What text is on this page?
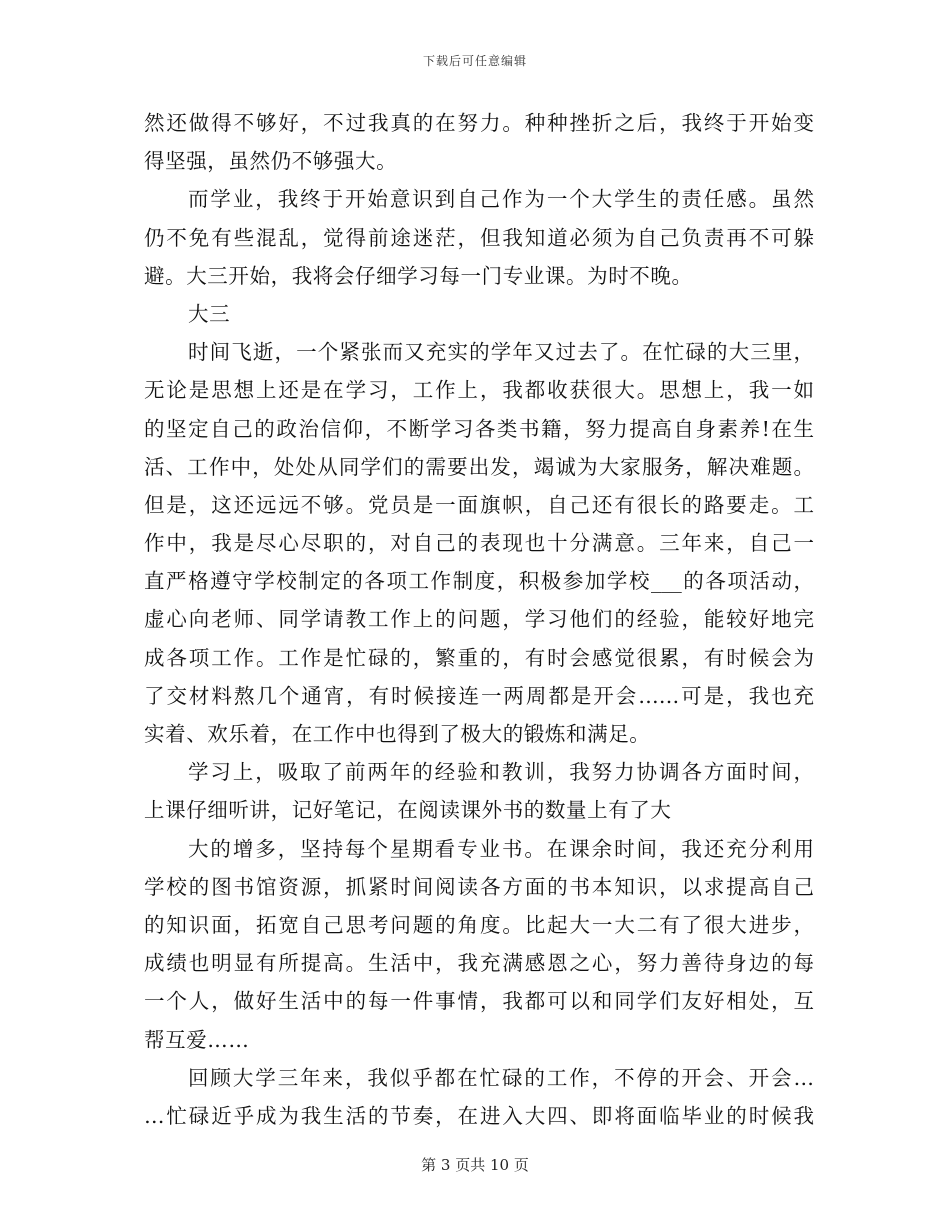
下载后可任意编辑
然还做得不够好，不过我真的在努力。种种挫折之后，我终于开始变
得坚强，虽然仍不够强大。
而学业，我终于开始意识到自己作为一个大学生的责任感。虽然
仍不免有些混乱，觉得前途迷茫，但我知道必须为自己负责再不可躲
避。大三开始，我将会仔细学习每一门专业课。为时不晚。
大三
时间飞逝，一个紧张而又充实的学年又过去了。在忙碌的大三里，
无论是思想上还是在学习，工作上，我都收获很大。思想上，我一如
的坚定自己的政治信仰，不断学习各类书籍，努力提高自身素养!在生
活、工作中，处处从同学们的需要出发，竭诚为大家服务，解决难题。
但是，这还远远不够。党员是一面旗帜，自己还有很长的路要走。工
作中，我是尽心尽职的，对自己的表现也十分满意。三年来，自己一
直严格遵守学校制定的各项工作制度，积极参加学校___的各项活动，
虚心向老师、同学请教工作上的问题，学习他们的经验，能较好地完
成各项工作。工作是忙碌的，繁重的，有时会感觉很累，有时候会为
了交材料熬几个通宵，有时候接连一两周都是开会……可是，我也充
实着、欢乐着，在工作中也得到了极大的锻炼和满足。
学习上，吸取了前两年的经验和教训，我努力协调各方面时间，
上课仔细听讲，记好笔记，在阅读课外书的数量上有了大
大的增多，坚持每个星期看专业书。在课余时间，我还充分利用
学校的图书馆资源，抓紧时间阅读各方面的书本知识，以求提高自己
的知识面，拓宽自己思考问题的角度。比起大一大二有了很大进步，
成绩也明显有所提高。生活中，我充满感恩之心，努力善待身边的每
一个人，做好生活中的每一件事情，我都可以和同学们友好相处，互
帮互爱……
回顾大学三年来，我似乎都在忙碌的工作，不停的开会、开会…
…忙碌近乎成为我生活的节奏，在进入大四、即将面临毕业的时候我
第 3 页共 10 页
